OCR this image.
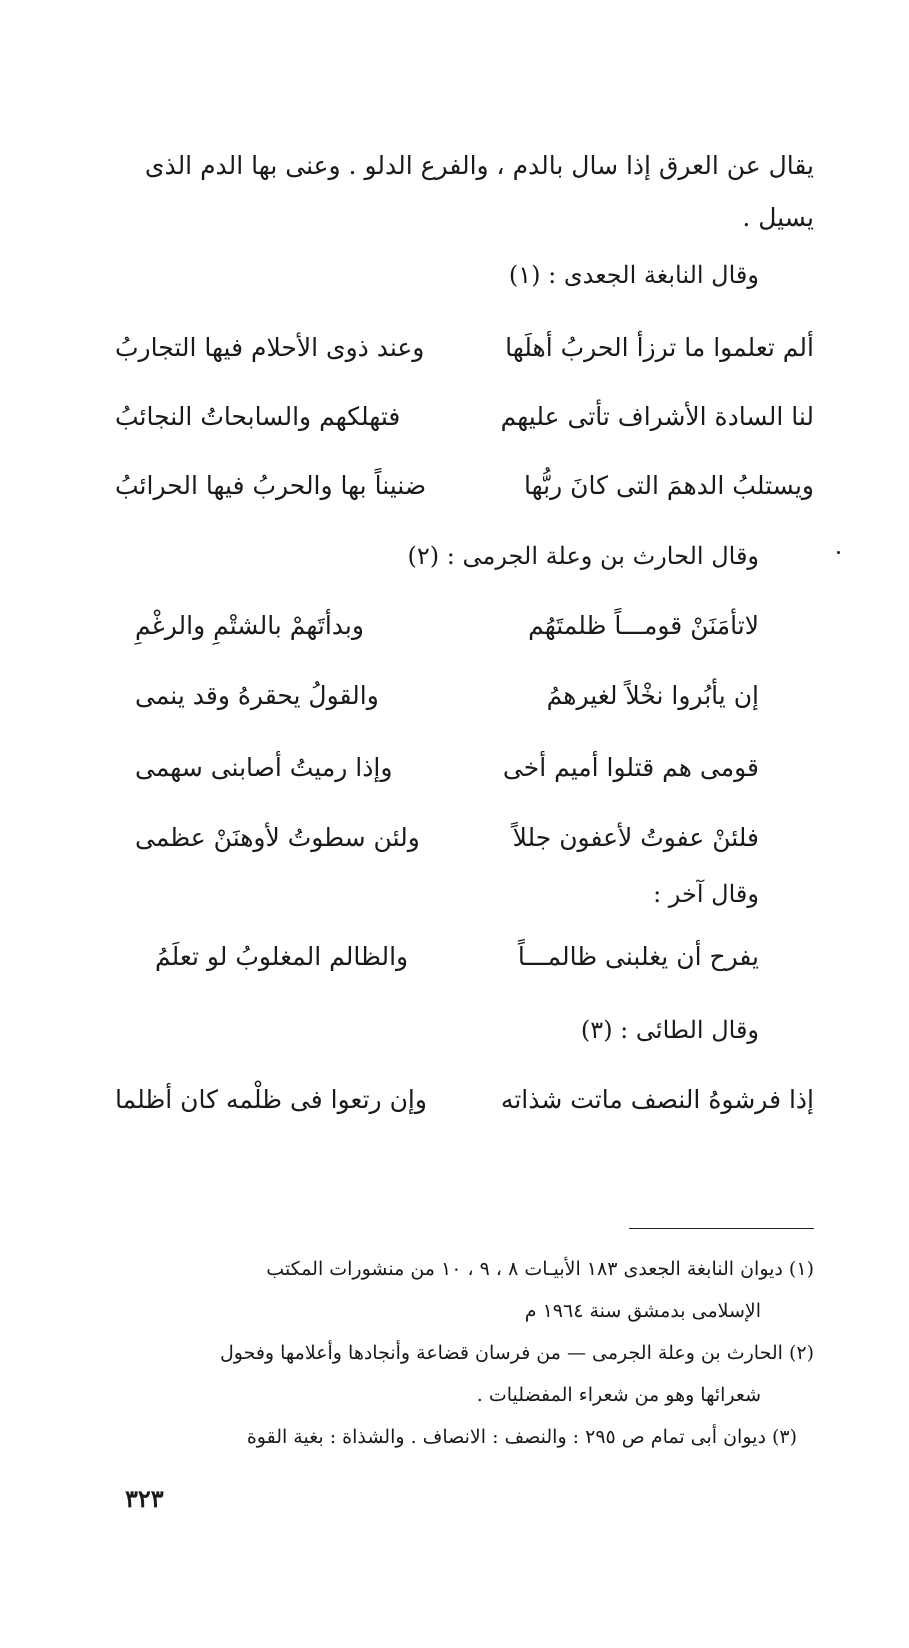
يقال عن العرق إذا سال بالدم ، والفرع الدلو . وعنى بها الدم الذى
يسيل .
وقال النابغة الجعدى : (١)
ألم تعلموا ما ترزأ الحربُ أهلَها
وعند ذوى الأحلام فيها التجاربُ
لنا السادة الأشراف تأتى عليهم
فتهلكهم والسابحاتُ النجائبُ
ويستلبُ الدهمَ التى كانَ ربُّها
ضنيناً بها والحربُ فيها الحرائبُ
وقال الحارث بن وعلة الجرمى : (٢)
لاتأمَنَنْ قومـــاً ظلمتَهُم
وبدأتَهمْ بالشتْمِ والرغْمِ
إن يأبُروا نخْلاً لغيرهمُ
والقولُ يحقرهُ وقد ينمى
قومى هم قتلوا أميم أخى
وإذا رميتُ أصابنى سهمى
فلئنْ عفوتُ لأعفون جللاً
ولئن سطوتُ لأوهنَنْ عظمى
وقال آخر :
يفرح أن يغلبنى ظالمـــاً
والظالم المغلوبُ لو تعلَمُ
وقال الطائى : (٣)
إذا فرشوهُ النصف ماتت شذاته
وإن رتعوا فى ظلْمه كان أظلما
(١) ديوان النابغة الجعدى ١٨٣ الأبيـات ٨ ، ٩ ، ١٠ من منشورات المكتب
الإسلامى بدمشق سنة ١٩٦٤ م
(٢) الحارث بن وعلة الجرمى — من فرسان قضاعة وأنجادها وأعلامها وفحول
شعرائها وهو من شعراء المفضليات .
(٣) ديوان أبى تمام ص ٢٩٥ : والنصف : الانصاف . والشذاة : بغية القوة
٣٢٣
